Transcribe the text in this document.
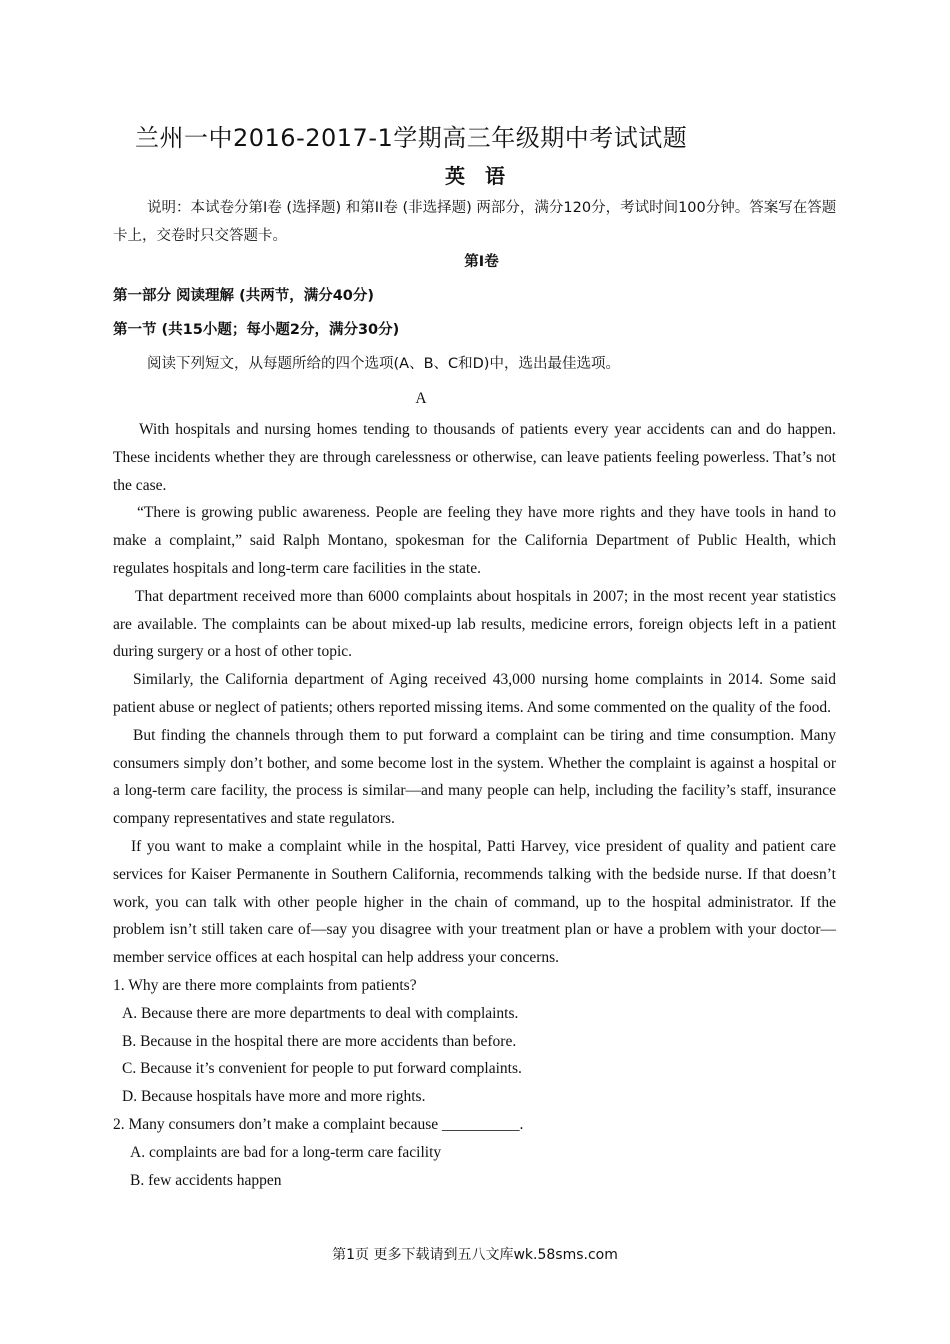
兰州一中2016-2017-1学期高三年级期中考试试题
英　语
说明：本试卷分第I卷 (选择题) 和第II卷 (非选择题) 两部分，满分120分，考试时间100分钟。答案写在答题卡上，交卷时只交答题卡。
第I卷
第一部分 阅读理解 (共两节，满分40分)
第一节 (共15小题；每小题2分，满分30分)
阅读下列短文，从每题所给的四个选项(A、B、C和D)中，选出最佳选项。
A

With hospitals and nursing homes tending to thousands of patients every year accidents can and do happen. These incidents whether they are through carelessness or otherwise, can leave patients feeling powerless. That’s not the case.

“There is growing public awareness. People are feeling they have more rights and they have tools in hand to make a complaint,” said Ralph Montano, spokesman for the California Department of Public Health, which regulates hospitals and long-term care facilities in the state.

That department received more than 6000 complaints about hospitals in 2007; in the most recent year statistics are available. The complaints can be about mixed-up lab results, medicine errors, foreign objects left in a patient during surgery or a host of other topic.

Similarly, the California department of Aging received 43,000 nursing home complaints in 2014. Some said patient abuse or neglect of patients; others reported missing items. And some commented on the quality of the food.

But finding the channels through them to put forward a complaint can be tiring and time consumption. Many consumers simply don’t bother, and some become lost in the system. Whether the complaint is against a hospital or a long-term care facility, the process is similar—and many people can help, including the facility’s staff, insurance company representatives and state regulators.

If you want to make a complaint while in the hospital, Patti Harvey, vice president of quality and patient care services for Kaiser Permanente in Southern California, recommends talking with the bedside nurse. If that doesn’t work, you can talk with other people higher in the chain of command, up to the hospital administrator. If the problem isn’t still taken care of—say you disagree with your treatment plan or have a problem with your doctor—member service offices at each hospital can help address your concerns.

1. Why are there more complaints from patients?

A. Because there are more departments to deal with complaints.

B. Because in the hospital there are more accidents than before.

C. Because it’s convenient for people to put forward complaints.

D. Because hospitals have more and more rights.

2. Many consumers don’t make a complaint because __________.

A. complaints are bad for a long-term care facility

B. few accidents happen

第1页 更多下载请到五八文库wk.58sms.com
